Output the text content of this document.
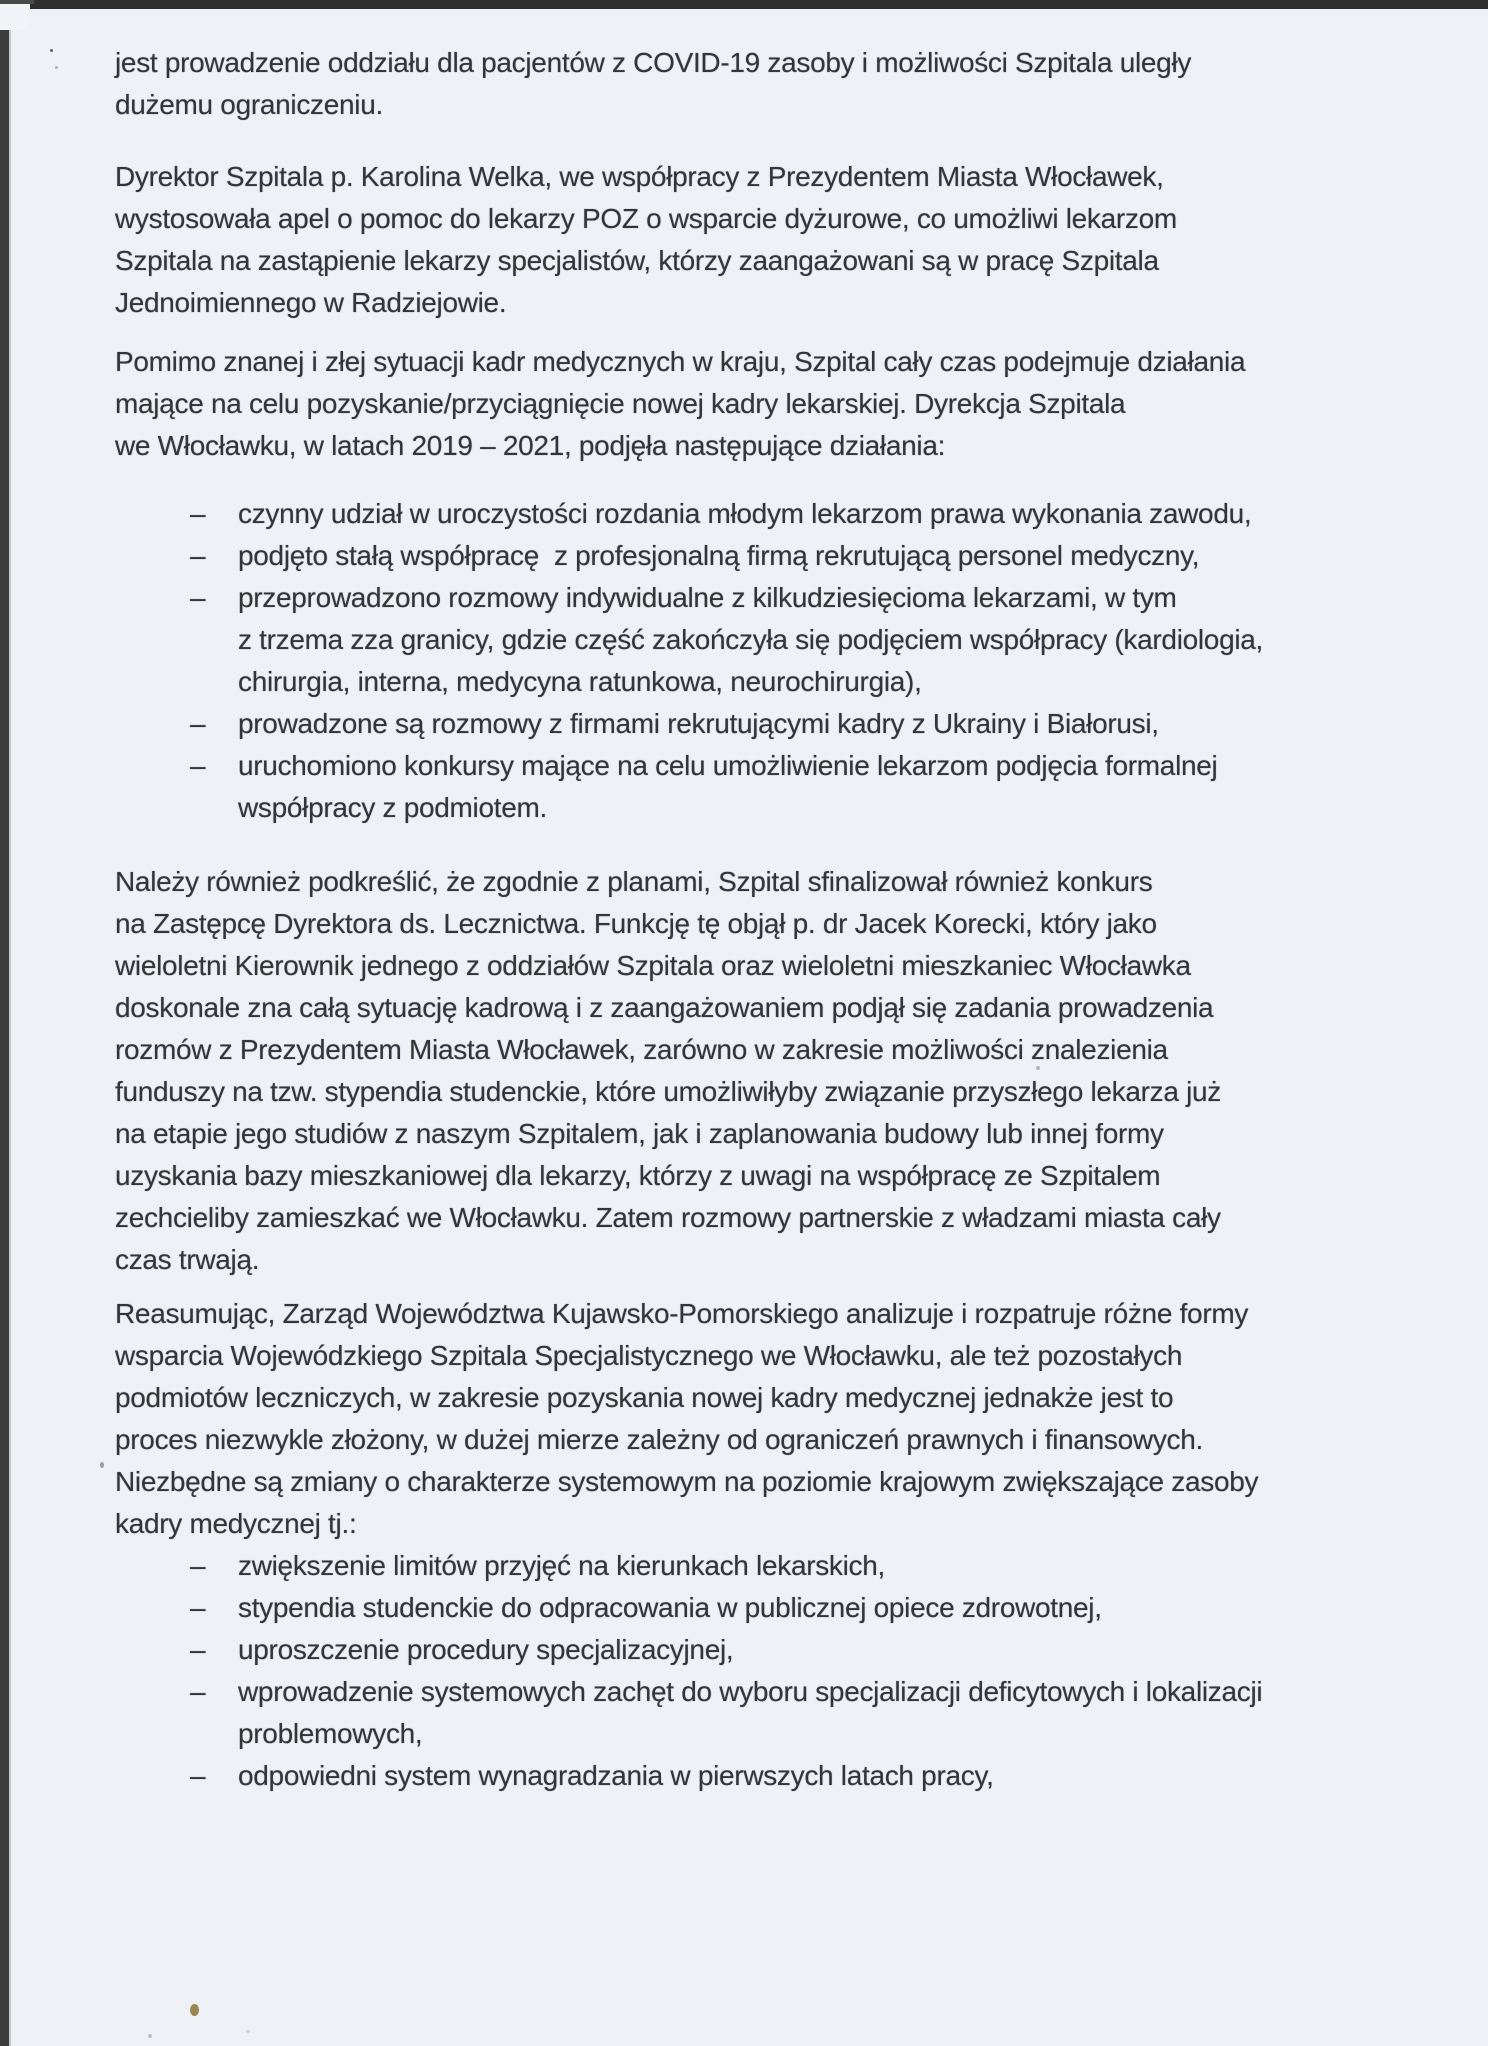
jest prowadzenie oddziału dla pacjentów z COVID-19 zasoby i możliwości Szpitala uległy
dużemu ograniczeniu.
Dyrektor Szpitala p. Karolina Welka, we współpracy z Prezydentem Miasta Włocławek,
wystosowała apel o pomoc do lekarzy POZ o wsparcie dyżurowe, co umożliwi lekarzom
Szpitala na zastąpienie lekarzy specjalistów, którzy zaangażowani są w pracę Szpitala
Jednoimiennego w Radziejowie.
Pomimo znanej i złej sytuacji kadr medycznych w kraju, Szpital cały czas podejmuje działania
mające na celu pozyskanie/przyciągnięcie nowej kadry lekarskiej. Dyrekcja Szpitala
we Włocławku, w latach 2019 – 2021, podjęła następujące działania:
–	czynny udział w uroczystości rozdania młodym lekarzom prawa wykonania zawodu,
–	podjęto stałą współpracę  z profesjonalną firmą rekrutującą personel medyczny,
–	przeprowadzono rozmowy indywidualne z kilkudziesięcioma lekarzami, w tym
z trzema zza granicy, gdzie część zakończyła się podjęciem współpracy (kardiologia,
chirurgia, interna, medycyna ratunkowa, neurochirurgia),
–	prowadzone są rozmowy z firmami rekrutującymi kadry z Ukrainy i Białorusi,
–	uruchomiono konkursy mające na celu umożliwienie lekarzom podjęcia formalnej
współpracy z podmiotem.
Należy również podkreślić, że zgodnie z planami, Szpital sfinalizował również konkurs
na Zastępcę Dyrektora ds. Lecznictwa. Funkcję tę objął p. dr Jacek Korecki, który jako
wieloletni Kierownik jednego z oddziałów Szpitala oraz wieloletni mieszkaniec Włocławka
doskonale zna całą sytuację kadrową i z zaangażowaniem podjął się zadania prowadzenia
rozmów z Prezydentem Miasta Włocławek, zarówno w zakresie możliwości znalezienia
funduszy na tzw. stypendia studenckie, które umożliwiłyby związanie przyszłego lekarza już
na etapie jego studiów z naszym Szpitalem, jak i zaplanowania budowy lub innej formy
uzyskania bazy mieszkaniowej dla lekarzy, którzy z uwagi na współpracę ze Szpitalem
zechcieliby zamieszkać we Włocławku. Zatem rozmowy partnerskie z władzami miasta cały
czas trwają.
Reasumując, Zarząd Województwa Kujawsko-Pomorskiego analizuje i rozpatruje różne formy
wsparcia Wojewódzkiego Szpitala Specjalistycznego we Włocławku, ale też pozostałych
podmiotów leczniczych, w zakresie pozyskania nowej kadry medycznej jednakże jest to
proces niezwykle złożony, w dużej mierze zależny od ograniczeń prawnych i finansowych.
Niezbędne są zmiany o charakterze systemowym na poziomie krajowym zwiększające zasoby
kadry medycznej tj.:
–	zwiększenie limitów przyjęć na kierunkach lekarskich,
–	stypendia studenckie do odpracowania w publicznej opiece zdrowotnej,
–	uproszczenie procedury specjalizacyjnej,
–	wprowadzenie systemowych zachęt do wyboru specjalizacji deficytowych i lokalizacji
problemowych,
–	odpowiedni system wynagradzania w pierwszych latach pracy,
